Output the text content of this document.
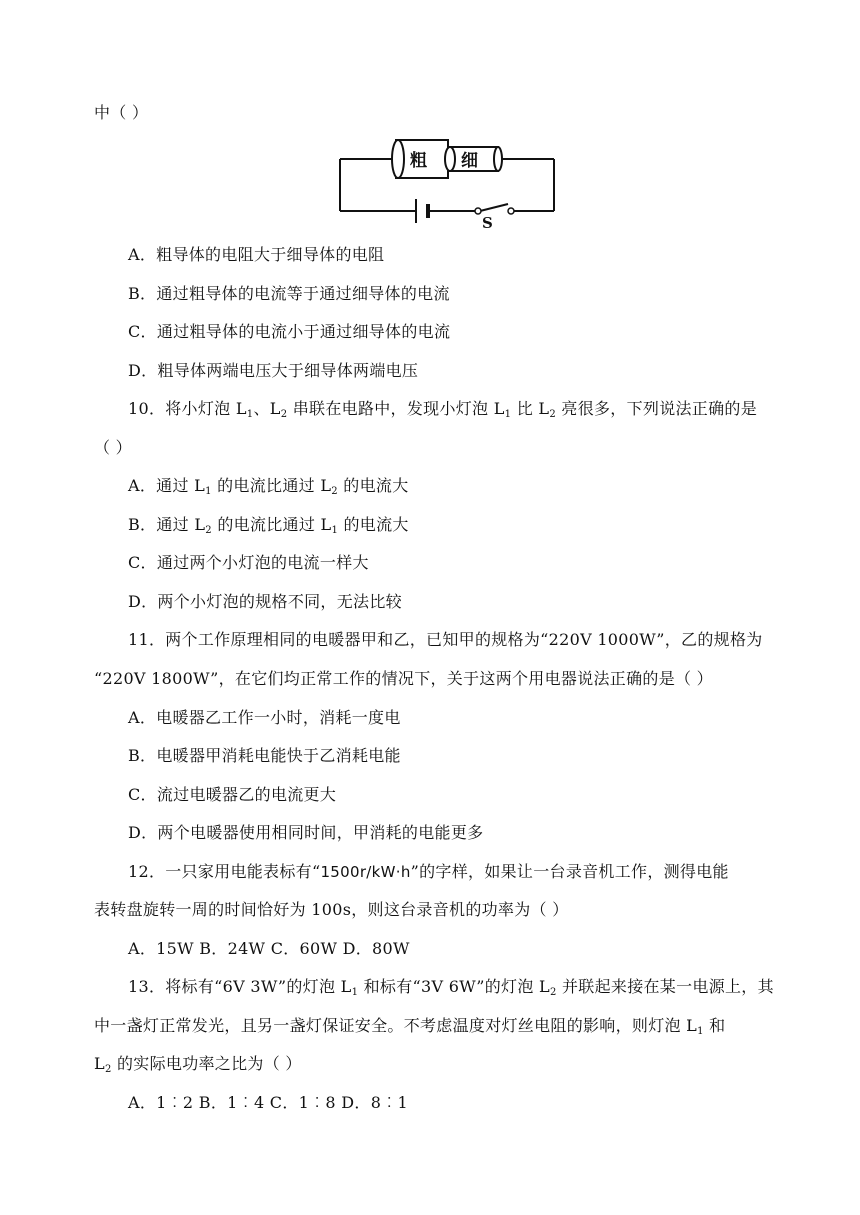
中（ ）
S
粗 细
A．粗导体的电阻大于细导体的电阻
B．通过粗导体的电流等于通过细导体的电流
C．通过粗导体的电流小于通过细导体的电流
D．粗导体两端电压大于细导体两端电压
10．将小灯泡 $L_1$、$L_2$ 串联在电路中，发现小灯泡 $L_1$ 比 $L_2$ 亮很多，下列说法正确的是
（ ）
A．通过 $L_1$ 的电流比通过 $L_2$ 的电流大
B．通过 $L_2$ 的电流比通过 $L_1$ 的电流大
C．通过两个小灯泡的电流一样大
D．两个小灯泡的规格不同，无法比较
11．两个工作原理相同的电暖器甲和乙，已知甲的规格为“220V 1000W”，乙的规格为
“220V 1800W”，在它们均正常工作的情况下，关于这两个用电器说法正确的是（ ）
A．电暖器乙工作一小时，消耗一度电
B．电暖器甲消耗电能快于乙消耗电能
C．流过电暖器乙的电流更大
D．两个电暖器使用相同时间，甲消耗的电能更多
12．一只家用电能表标有“1500r/kW·h”的字样，如果让一台录音机工作，测得电能
表转盘旋转一周的时间恰好为 100s，则这台录音机的功率为（ ）
A．15W B．24W C．60W D．80W
13．将标有“6V 3W”的灯泡 $L_1$ 和标有“3V 6W”的灯泡 $L_2$ 并联起来接在某一电源上，其
中一盏灯正常发光，且另一盏灯保证安全。不考虑温度对灯丝电阻的影响，则灯泡 $L_1$ 和
$L_2$ 的实际电功率之比为（ ）
A．1︰2 B．1︰4 C．1︰8 D．8︰1
